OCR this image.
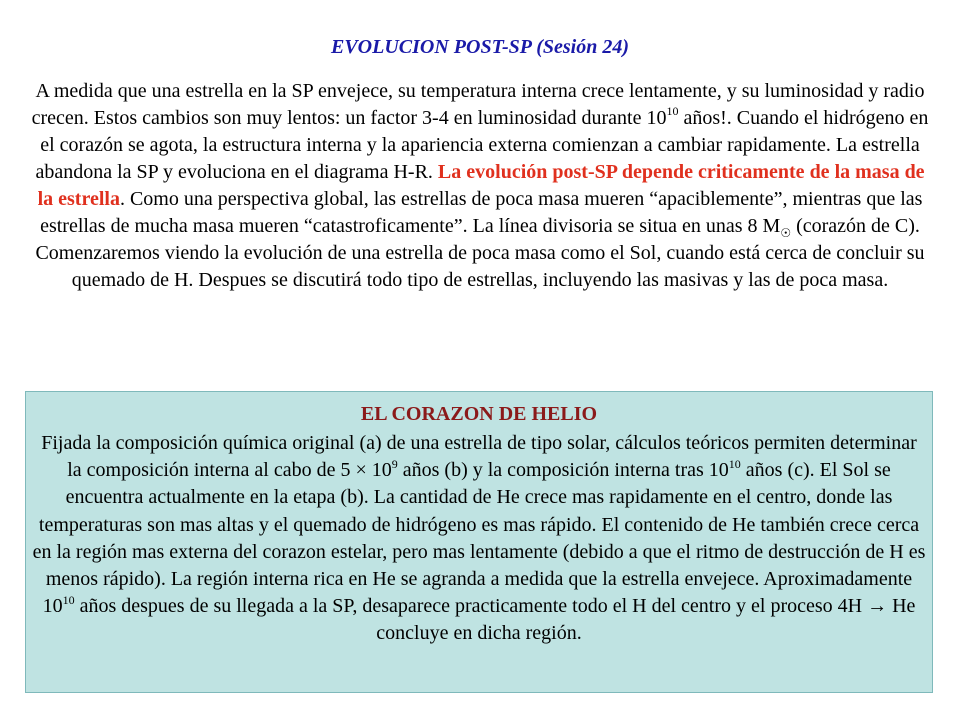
EVOLUCION POST-SP (Sesión 24)
A medida que una estrella en la SP envejece, su temperatura interna crece lentamente, y su luminosidad y radio crecen. Estos cambios son muy lentos: un factor 3-4 en luminosidad durante $10^{10}$ años!. Cuando el hidrógeno en el corazón se agota, la estructura interna y la apariencia externa comienzan a cambiar rapidamente. La estrella abandona la SP y evoluciona en el diagrama H-R. La evolución post-SP depende criticamente de la masa de la estrella. Como una perspectiva global, las estrellas de poca masa mueren “apaciblemente”, mientras que las estrellas de mucha masa mueren “catastroficamente”. La línea divisoria se situa en unas 8 $M_☉$ (corazón de C). Comenzaremos viendo la evolución de una estrella de poca masa como el Sol, cuando está cerca de concluir su quemado de H. Despues se discutirá todo tipo de estrellas, incluyendo las masivas y las de poca masa.
EL CORAZON DE HELIO
Fijada la composición química original (a) de una estrella de tipo solar, cálculos teóricos permiten determinar la composición interna al cabo de $5 \times 10^9$ años (b) y la composición interna tras $10^{10}$ años (c). El Sol se encuentra actualmente en la etapa (b). La cantidad de He crece mas rapidamente en el centro, donde las temperaturas son mas altas y el quemado de hidrógeno es mas rápido. El contenido de He también crece cerca en la región mas externa del corazon estelar, pero mas lentamente (debido a que el ritmo de destrucción de H es menos rápido). La región interna rica en He se agranda a medida que la estrella envejece. Aproximadamente $10^{10}$ años despues de su llegada a la SP, desaparece practicamente todo el H del centro y el proceso 4H → He concluye en dicha región.
